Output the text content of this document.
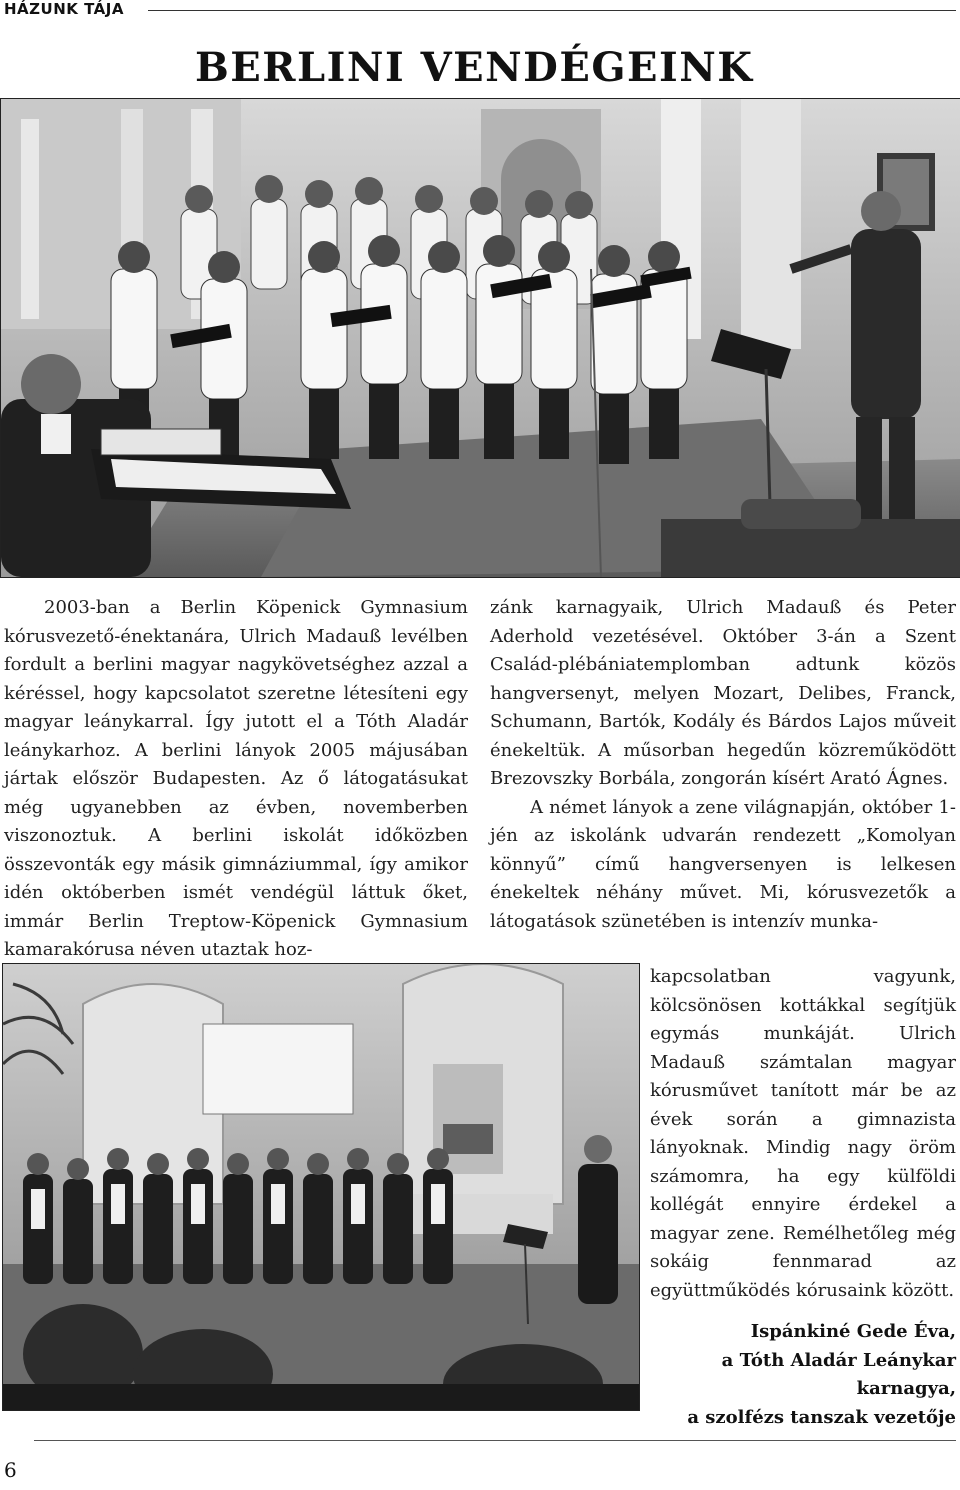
HÁZUNK TÁJA
BERLINI VENDÉGEINK

2003-ban a Berlin Köpenick Gymnasium kórusvezető-énektanára, Ulrich Madauß levélben fordult a berlini magyar nagykövetséghez azzal a kéréssel, hogy kapcsolatot szeretne létesíteni egy magyar leánykarral. Így jutott el a Tóth Aladár leánykarhoz. A berlini lányok 2005 májusában jártak először Budapesten. Az ő látogatásukat még ugyanebben az évben, novemberben viszonoztuk. A berlini iskolát időközben összevonták egy másik gimnáziummal, így amikor idén októberben ismét vendégül láttuk őket, immár Berlin Treptow-Köpenick Gymnasium kamarakórusa néven utaztak hoz-

zánk karnagyaik, Ulrich Madauß és Peter Aderhold vezetésével. Október 3-án a Szent Család-plébániatemplomban adtunk közös hangversenyt, melyen Mozart, Delibes, Franck, Schumann, Bartók, Kodály és Bárdos Lajos műveit énekeltük. A műsorban hegedűn közreműködött Brezovszky Borbála, zongorán kísért Arató Ágnes.

A német lányok a zene világnapján, október 1-jén az iskolánk udvarán rendezett „Komolyan könnyű” című hangversenyen is lelkesen énekeltek néhány művet. Mi, kórusvezetők a látogatások szünetében is intenzív munka-

kapcsolatban vagyunk, kölcsönösen kottákkal segítjük egymás munkáját. Ulrich Madauß számtalan magyar kórusművet tanított már be az évek során a gimnazista lányoknak. Mindig nagy öröm számomra, ha egy külföldi kollégát ennyire érdekel a magyar zene. Remélhetőleg még sokáig fennmarad az együttműködés kórusaink között.

Ispánkiné Gede Éva,
a Tóth Aladár Leánykar
karnagya,
a szolfézs tanszak vezetője
6
